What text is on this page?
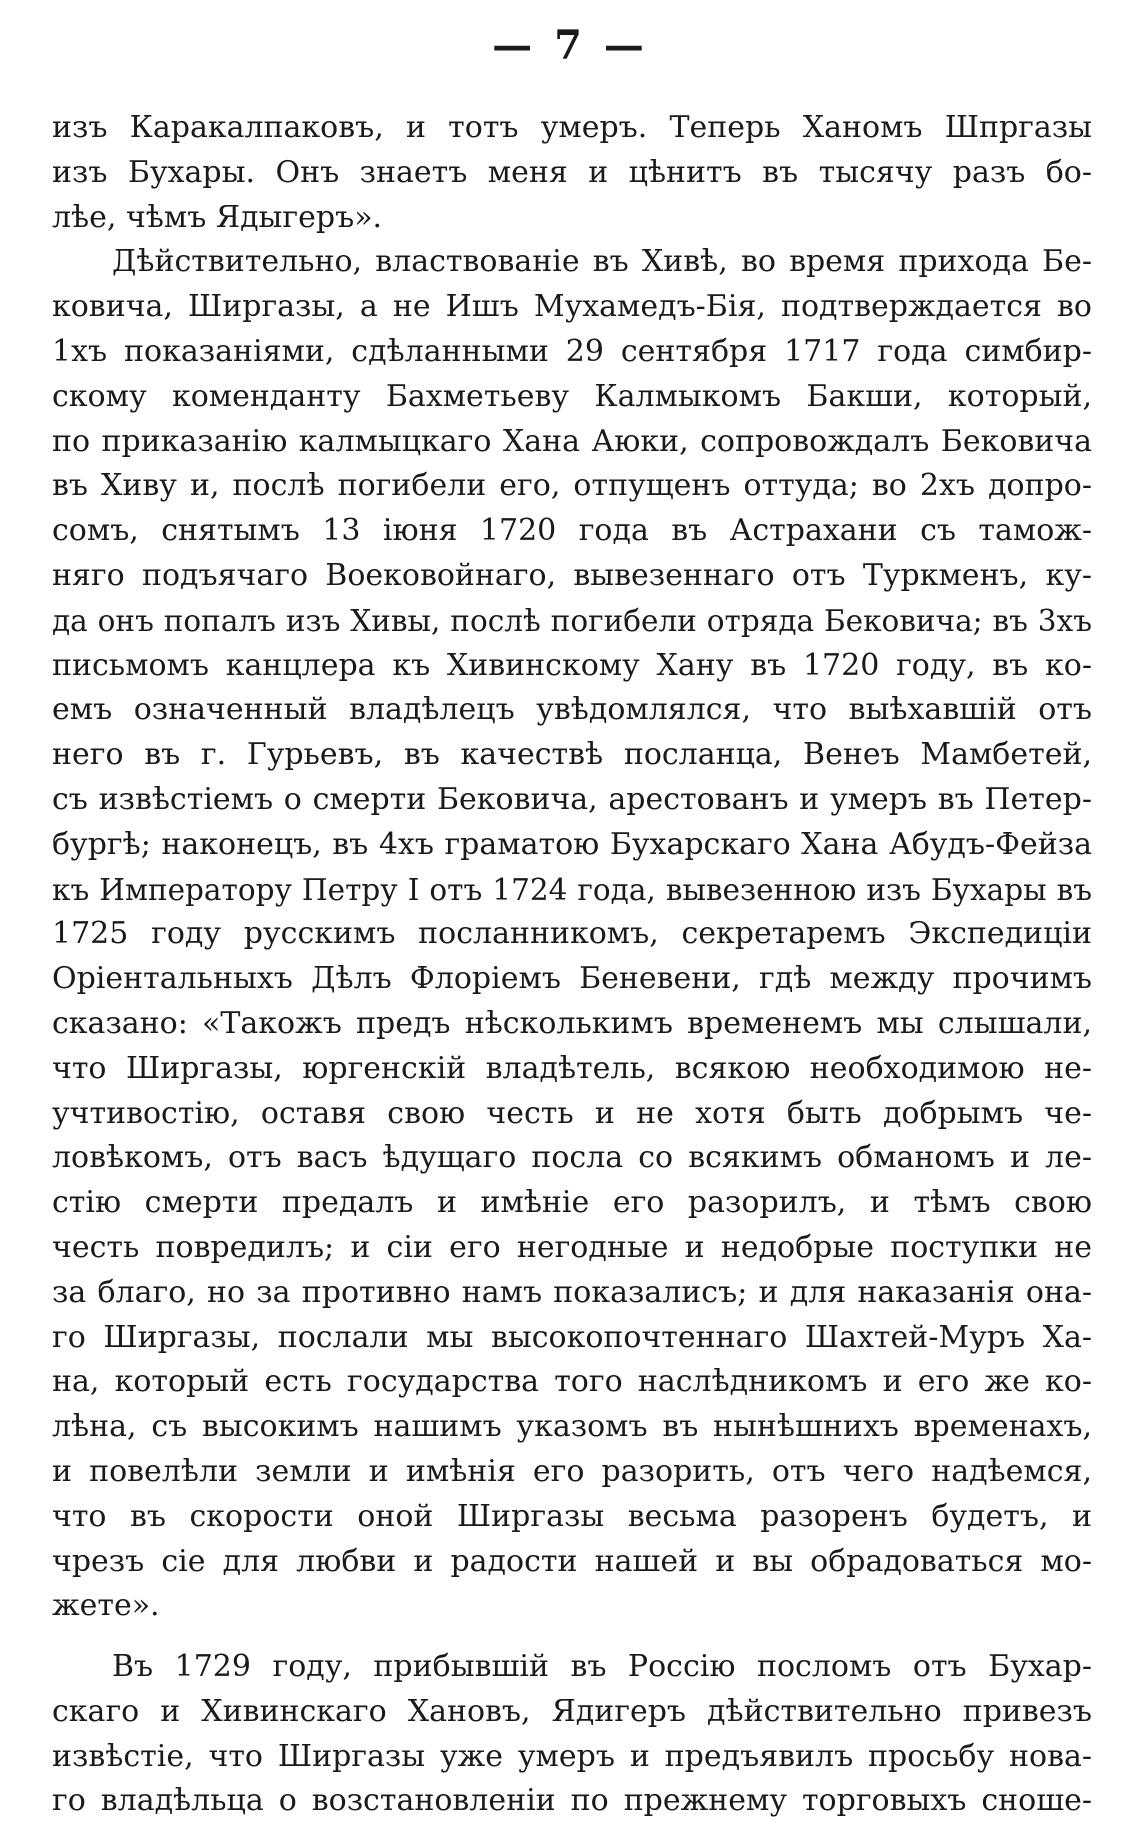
— 7 —
изъ Каракалпаковъ, и тотъ умеръ. Теперь Ханомъ Шпргазы
изъ Бухары. Онъ знаетъ меня и цѣнитъ въ тысячу разъ бо-
лѣе, чѣмъ Ядыгеръ».
Дѣйствительно, властвованіе въ Хивѣ, во время прихода Бе-
ковича, Ширгазы, а не Ишъ Мухамедъ-Бія, подтверждается во
1хъ показаніями, сдѣланными 29 сентября 1717 года симбир-
скому коменданту Бахметьеву Калмыкомъ Бакши, который,
по приказанію калмыцкаго Хана Аюки, сопровождалъ Бековича
въ Хиву и, послѣ погибели его, отпущенъ оттуда; во 2хъ допро-
сомъ, снятымъ 13 іюня 1720 года въ Астрахани съ тамож-
няго подъячаго Воековойнаго, вывезеннаго отъ Туркменъ, ку-
да онъ попалъ изъ Хивы, послѣ погибели отряда Бековича; въ 3хъ
письмомъ канцлера къ Хивинскому Хану въ 1720 году, въ ко-
емъ означенный владѣлецъ увѣдомлялся, что выѣхавшій отъ
него въ г. Гурьевъ, въ качествѣ посланца, Венеъ Мамбетей,
съ извѣстіемъ о смерти Бековича, арестованъ и умеръ въ Петер-
бургѣ; наконецъ, въ 4хъ граматою Бухарскаго Хана Абудъ-Фейза
къ Императору Петру I отъ 1724 года, вывезенною изъ Бухары въ
1725 году русскимъ посланникомъ, секретаремъ Экспедиціи
Оріентальныхъ Дѣлъ Флоріемъ Беневени, гдѣ между прочимъ
сказано: «Такожъ предъ нѣсколькимъ временемъ мы слышали,
что Ширгазы, юргенскій владѣтель, всякою необходимою не-
учтивостію, оставя свою честь и не хотя быть добрымъ че-
ловѣкомъ, отъ васъ ѣдущаго посла со всякимъ обманомъ и ле-
стію смерти предалъ и имѣніе его разорилъ, и тѣмъ свою
честь повредилъ; и сіи его негодные и недобрые поступки не
за благо, но за противно намъ показалисъ; и для наказанія она-
го Ширгазы, послали мы высокопочтеннаго Шахтей-Муръ Ха-
на, который есть государства того наслѣдникомъ и его же ко-
лѣна, съ высокимъ нашимъ указомъ въ нынѣшнихъ временахъ,
и повелѣли земли и имѣнія его разорить, отъ чего надѣемся,
что въ скорости оной Ширгазы весьма разоренъ будетъ, и
чрезъ сіе для любви и радости нашей и вы обрадоваться мо-
жете».
Въ 1729 году, прибывшій въ Россію посломъ отъ Бухар-
скаго и Хивинскаго Хановъ, Ядигеръ дѣйствительно привезъ
извѣстіе, что Ширгазы уже умеръ и предъявилъ просьбу нова-
го владѣльца о возстановленіи по прежнему торговыхъ сноше-
